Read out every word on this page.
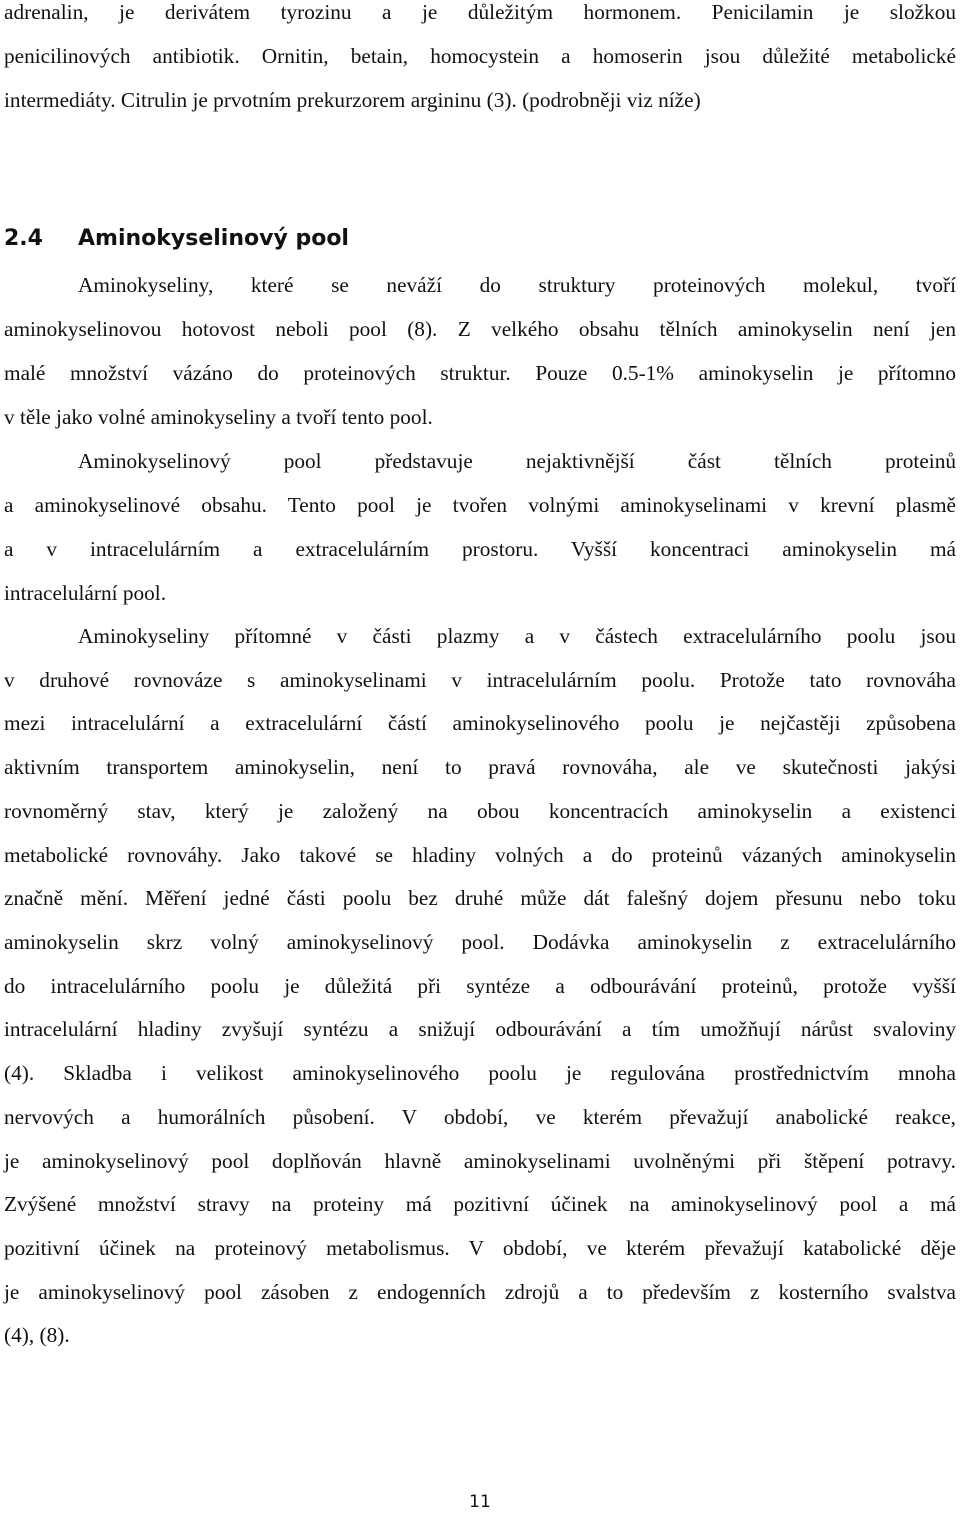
adrenalin, je derivátem tyrozinu a je důležitým hormonem. Penicilamin je složkou
penicilinových antibiotik. Ornitin, betain, homocystein a homoserin jsou důležité metabolické
intermediáty. Citrulin je prvotním prekurzorem argininu (3). (podrobněji viz níže)
2.4 Aminokyselinový pool
Aminokyseliny, které se neváží do struktury proteinových molekul, tvoří
aminokyselinovou hotovost neboli pool (8). Z velkého obsahu tělních aminokyselin není jen
malé množství vázáno do proteinových struktur. Pouze 0.5-1% aminokyselin je přítomno
v těle jako volné aminokyseliny a tvoří tento pool.
Aminokyselinový pool představuje nejaktivnější část tělních proteinů
a aminokyselinové obsahu. Tento pool je tvořen volnými aminokyselinami v krevní plasmě
a v intracelulárním a extracelulárním prostoru. Vyšší koncentraci aminokyselin má
intracelulární pool.
Aminokyseliny přítomné v části plazmy a v částech extracelulárního poolu jsou
v druhové rovnováze s aminokyselinami v intracelulárním poolu. Protože tato rovnováha
mezi intracelulární a extracelulární částí aminokyselinového poolu je nejčastěji způsobena
aktivním transportem aminokyselin, není to pravá rovnováha, ale ve skutečnosti jakýsi
rovnoměrný stav, který je založený na obou koncentracích aminokyselin a existenci
metabolické rovnováhy. Jako takové se hladiny volných a do proteinů vázaných aminokyselin
značně mění. Měření jedné části poolu bez druhé může dát falešný dojem přesunu nebo toku
aminokyselin skrz volný aminokyselinový pool. Dodávka aminokyselin z extracelulárního
do intracelulárního poolu je důležitá při syntéze a odbourávání proteinů, protože vyšší
intracelulární hladiny zvyšují syntézu a snižují odbourávání a tím umožňují nárůst svaloviny
(4). Skladba i velikost aminokyselinového poolu je regulována prostřednictvím mnoha
nervových a humorálních působení. V období, ve kterém převažují anabolické reakce,
je aminokyselinový pool doplňován hlavně aminokyselinami uvolněnými při štěpení potravy.
Zvýšené množství stravy na proteiny má pozitivní účinek na aminokyselinový pool a má
pozitivní účinek na proteinový metabolismus. V období, ve kterém převažují katabolické děje
je aminokyselinový pool zásoben z endogenních zdrojů a to především z kosterního svalstva
(4), (8).
11
